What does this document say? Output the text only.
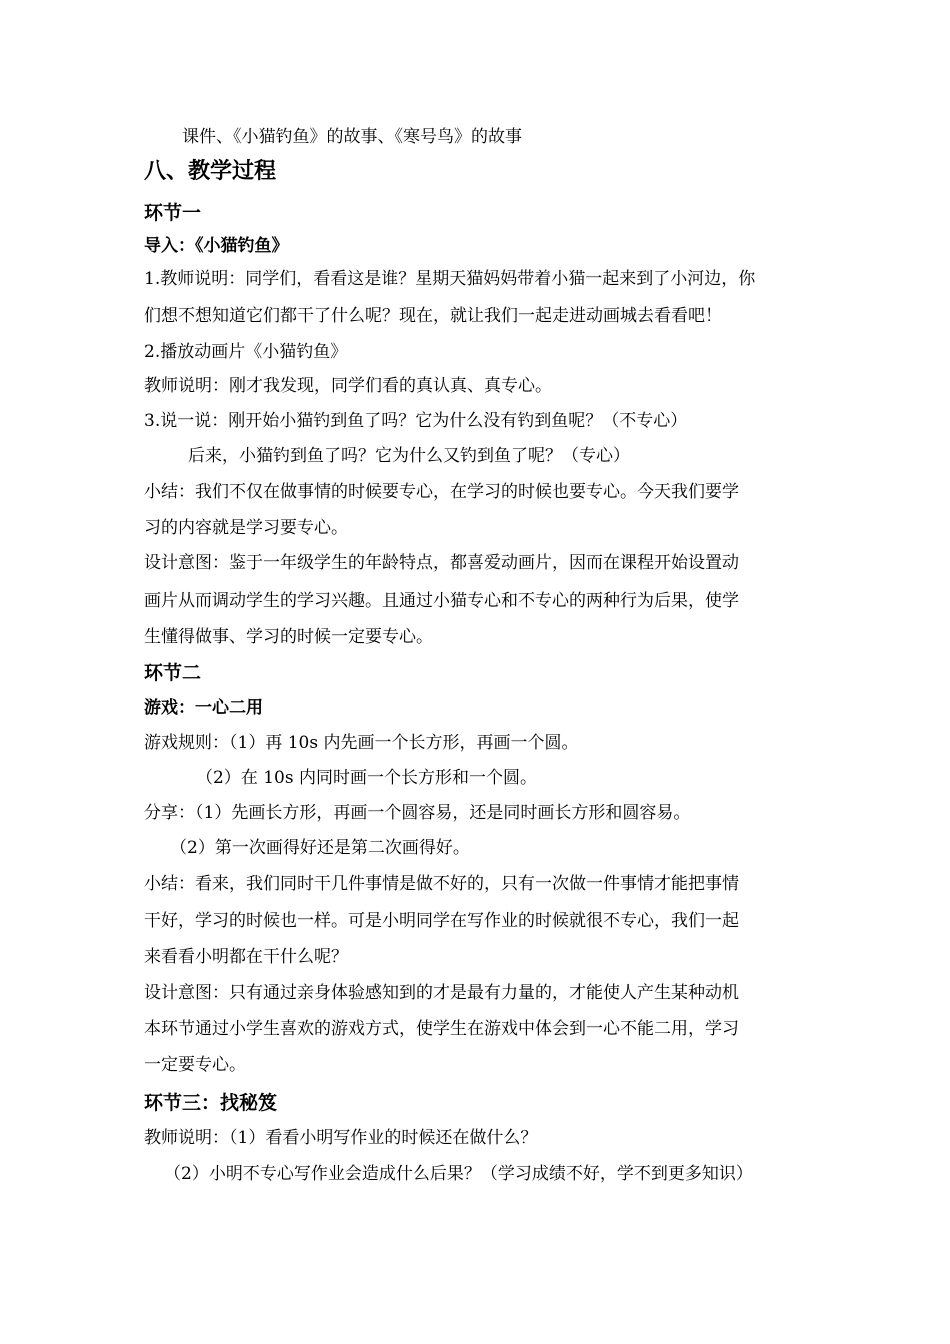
课件、《小猫钓鱼》的故事、《寒号鸟》的故事
八、教学过程
环节一
导入：《小猫钓鱼》
1.教师说明：同学们，看看这是谁？星期天猫妈妈带着小猫一起来到了小河边，你
们想不想知道它们都干了什么呢？现在，就让我们一起走进动画城去看看吧！
2.播放动画片《小猫钓鱼》
教师说明：刚才我发现，同学们看的真认真、真专心。
3.说一说：刚开始小猫钓到鱼了吗？它为什么没有钓到鱼呢？（不专心）
后来，小猫钓到鱼了吗？它为什么又钓到鱼了呢？（专心）
小结：我们不仅在做事情的时候要专心，在学习的时候也要专心。今天我们要学
习的内容就是学习要专心。
设计意图：鉴于一年级学生的年龄特点，都喜爱动画片，因而在课程开始设置动
画片从而调动学生的学习兴趣。且通过小猫专心和不专心的两种行为后果，使学
生懂得做事、学习的时候一定要专心。
环节二
游戏：一心二用
游戏规则：（1）再 10s 内先画一个长方形，再画一个圆。
（2）在 10s 内同时画一个长方形和一个圆。
分享：（1）先画长方形，再画一个圆容易，还是同时画长方形和圆容易。
（2）第一次画得好还是第二次画得好。
小结：看来，我们同时干几件事情是做不好的，只有一次做一件事情才能把事情
干好，学习的时候也一样。可是小明同学在写作业的时候就很不专心，我们一起
来看看小明都在干什么呢？
设计意图：只有通过亲身体验感知到的才是最有力量的，才能使人产生某种动机
本环节通过小学生喜欢的游戏方式，使学生在游戏中体会到一心不能二用，学习
一定要专心。
环节三：找秘笈
教师说明：（1）看看小明写作业的时候还在做什么？
（2）小明不专心写作业会造成什么后果？（学习成绩不好，学不到更多知识）
